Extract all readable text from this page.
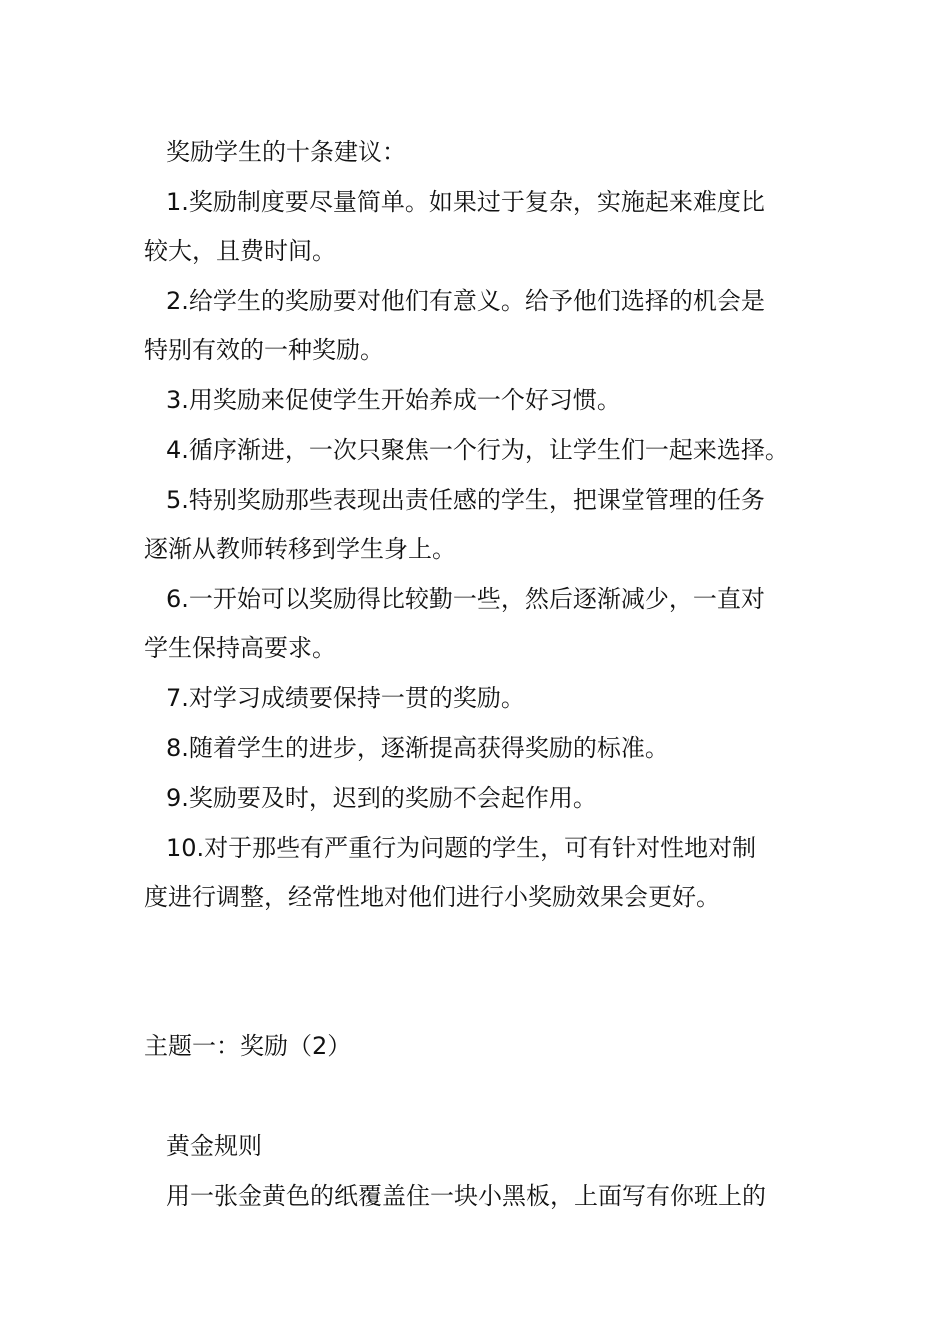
奖励学生的十条建议：
1.奖励制度要尽量简单。如果过于复杂，实施起来难度比
较大，且费时间。
2.给学生的奖励要对他们有意义。给予他们选择的机会是
特别有效的一种奖励。
3.用奖励来促使学生开始养成一个好习惯。
4.循序渐进，一次只聚焦一个行为，让学生们一起来选择。
5.特别奖励那些表现出责任感的学生，把课堂管理的任务
逐渐从教师转移到学生身上。
6.一开始可以奖励得比较勤一些，然后逐渐减少，一直对
学生保持高要求。
7.对学习成绩要保持一贯的奖励。
8.随着学生的进步，逐渐提高获得奖励的标准。
9.奖励要及时，迟到的奖励不会起作用。
10.对于那些有严重行为问题的学生，可有针对性地对制
度进行调整，经常性地对他们进行小奖励效果会更好。
主题一：奖励（2）
黄金规则
用一张金黄色的纸覆盖住一块小黑板，上面写有你班上的
